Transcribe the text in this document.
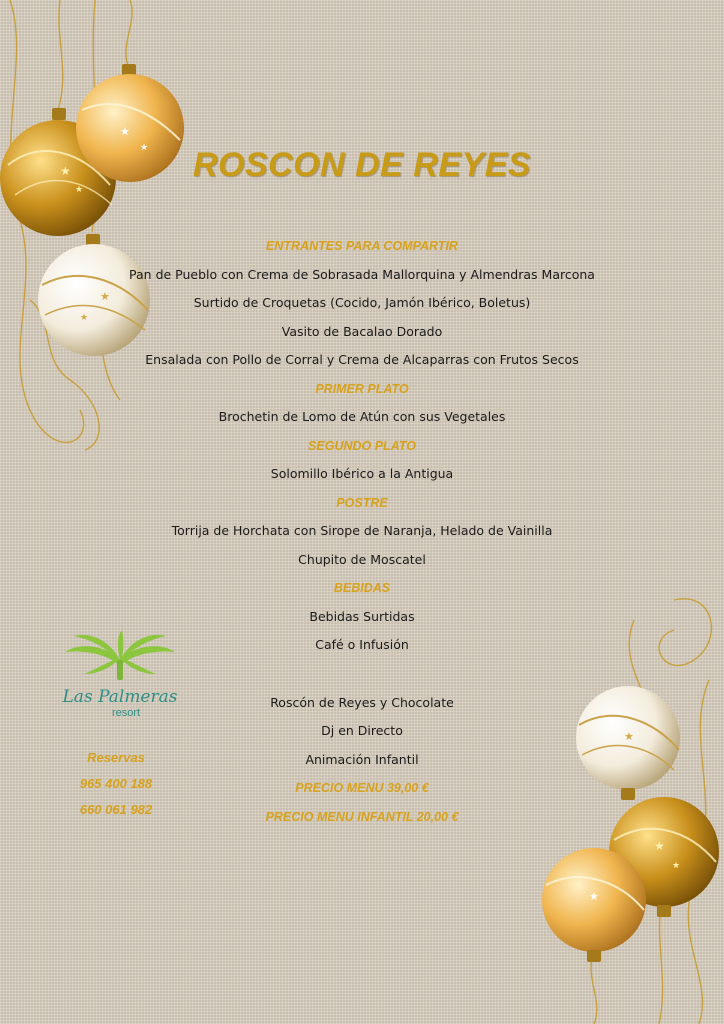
★
★
★
★
★
★
★
★
★
★
ROSCON DE REYES
ENTRANTES PARA COMPARTIR
Pan de Pueblo con Crema de Sobrasada Mallorquina y Almendras Marcona
Surtido de Croquetas (Cocido, Jamón Ibérico, Boletus)
Vasito de Bacalao Dorado
Ensalada con Pollo de Corral y Crema de Alcaparras con Frutos Secos
PRIMER PLATO
Brochetin de Lomo de Atún con sus Vegetales
SEGUNDO PLATO
Solomillo Ibérico a la Antigua
POSTRE
Torrija de Horchata con Sirope de Naranja, Helado de Vainilla
Chupito de Moscatel
BEBIDAS
Bebidas Surtidas
Café o Infusión
Roscón de Reyes y Chocolate
Dj en Directo
Animación Infantil
PRECIO MENU 39,00 €
PRECIO MENU INFANTIL 20,00 €
Las Palmeras
resort
Reservas
965 400 188
660 061 982
